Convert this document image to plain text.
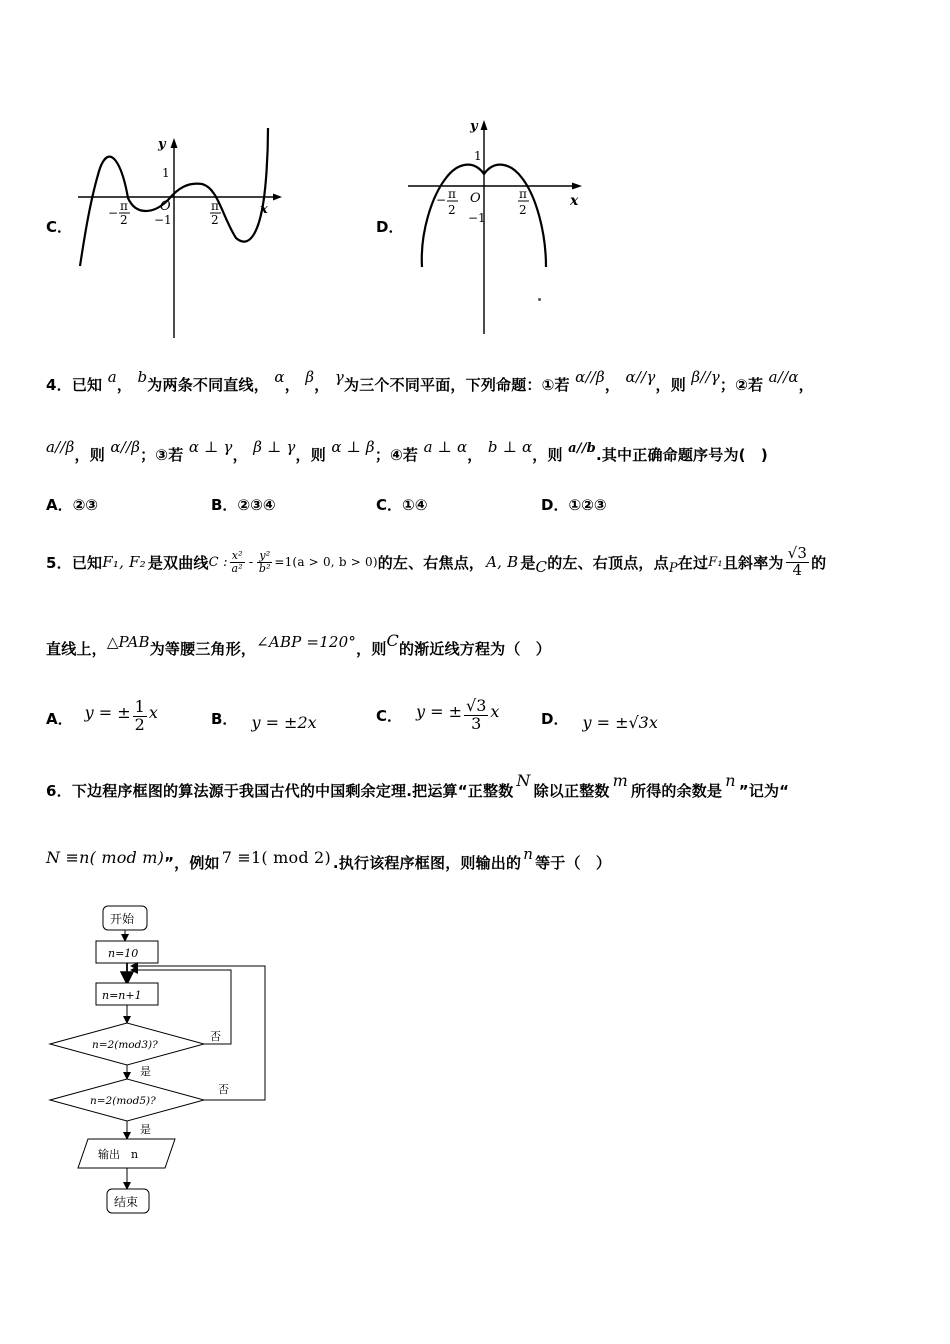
C．
y
x
1
O
−1
− π
2
π
2	D．
y
x
1
O
−1
− π
2
π
2
4．已知 a， b为两条不同直线， α， β， γ为三个不同平面，下列命题：①若 α//β， α//γ，则 β//γ；②若 a//α，
a//β，则 α//β；③若 α ⊥ γ， β ⊥ γ，则 α ⊥ β；④若 a ⊥ α， b ⊥ α，则 a//b.其中正确命题序号为(　)
A．②③	B．②③④	C．①④	D．①②③
5．已知 F₁, F₂ 是双曲线 C : $\frac{\text{x²}}{\text{a²}} - \frac{\text{y²}}{\text{b²}} =1(a > 0$, b > 0) 的左、右焦点， A, B 是 C 的左、右顶点，点 P 在过 F₁ 且斜率为 $\frac{√3}{4}$ 的
直线上， △PAB 为等腰三角形， ∠ABP =120° ，则 C 的渐近线方程为（　）
A． y = ± $\frac{1}{2}$ x	B． y = ±2x	C． y = ± $\frac{√3}{3}$ x	D． y = ±√3x
6．下边程序框图的算法源于我国古代的中国剩余定理.把运算“正整数
N
除以正整数
m
所得的余数是
n
”记为“
N ≡n( mod m) ”，例如 7 ≡1( mod 2) .执行该程序框图，则输出的 n 等于（　）
开始
n=10
n=n+1
n=2(mod3)?
否
是
n=2(mod5)?
否
是
输出　n
结束
